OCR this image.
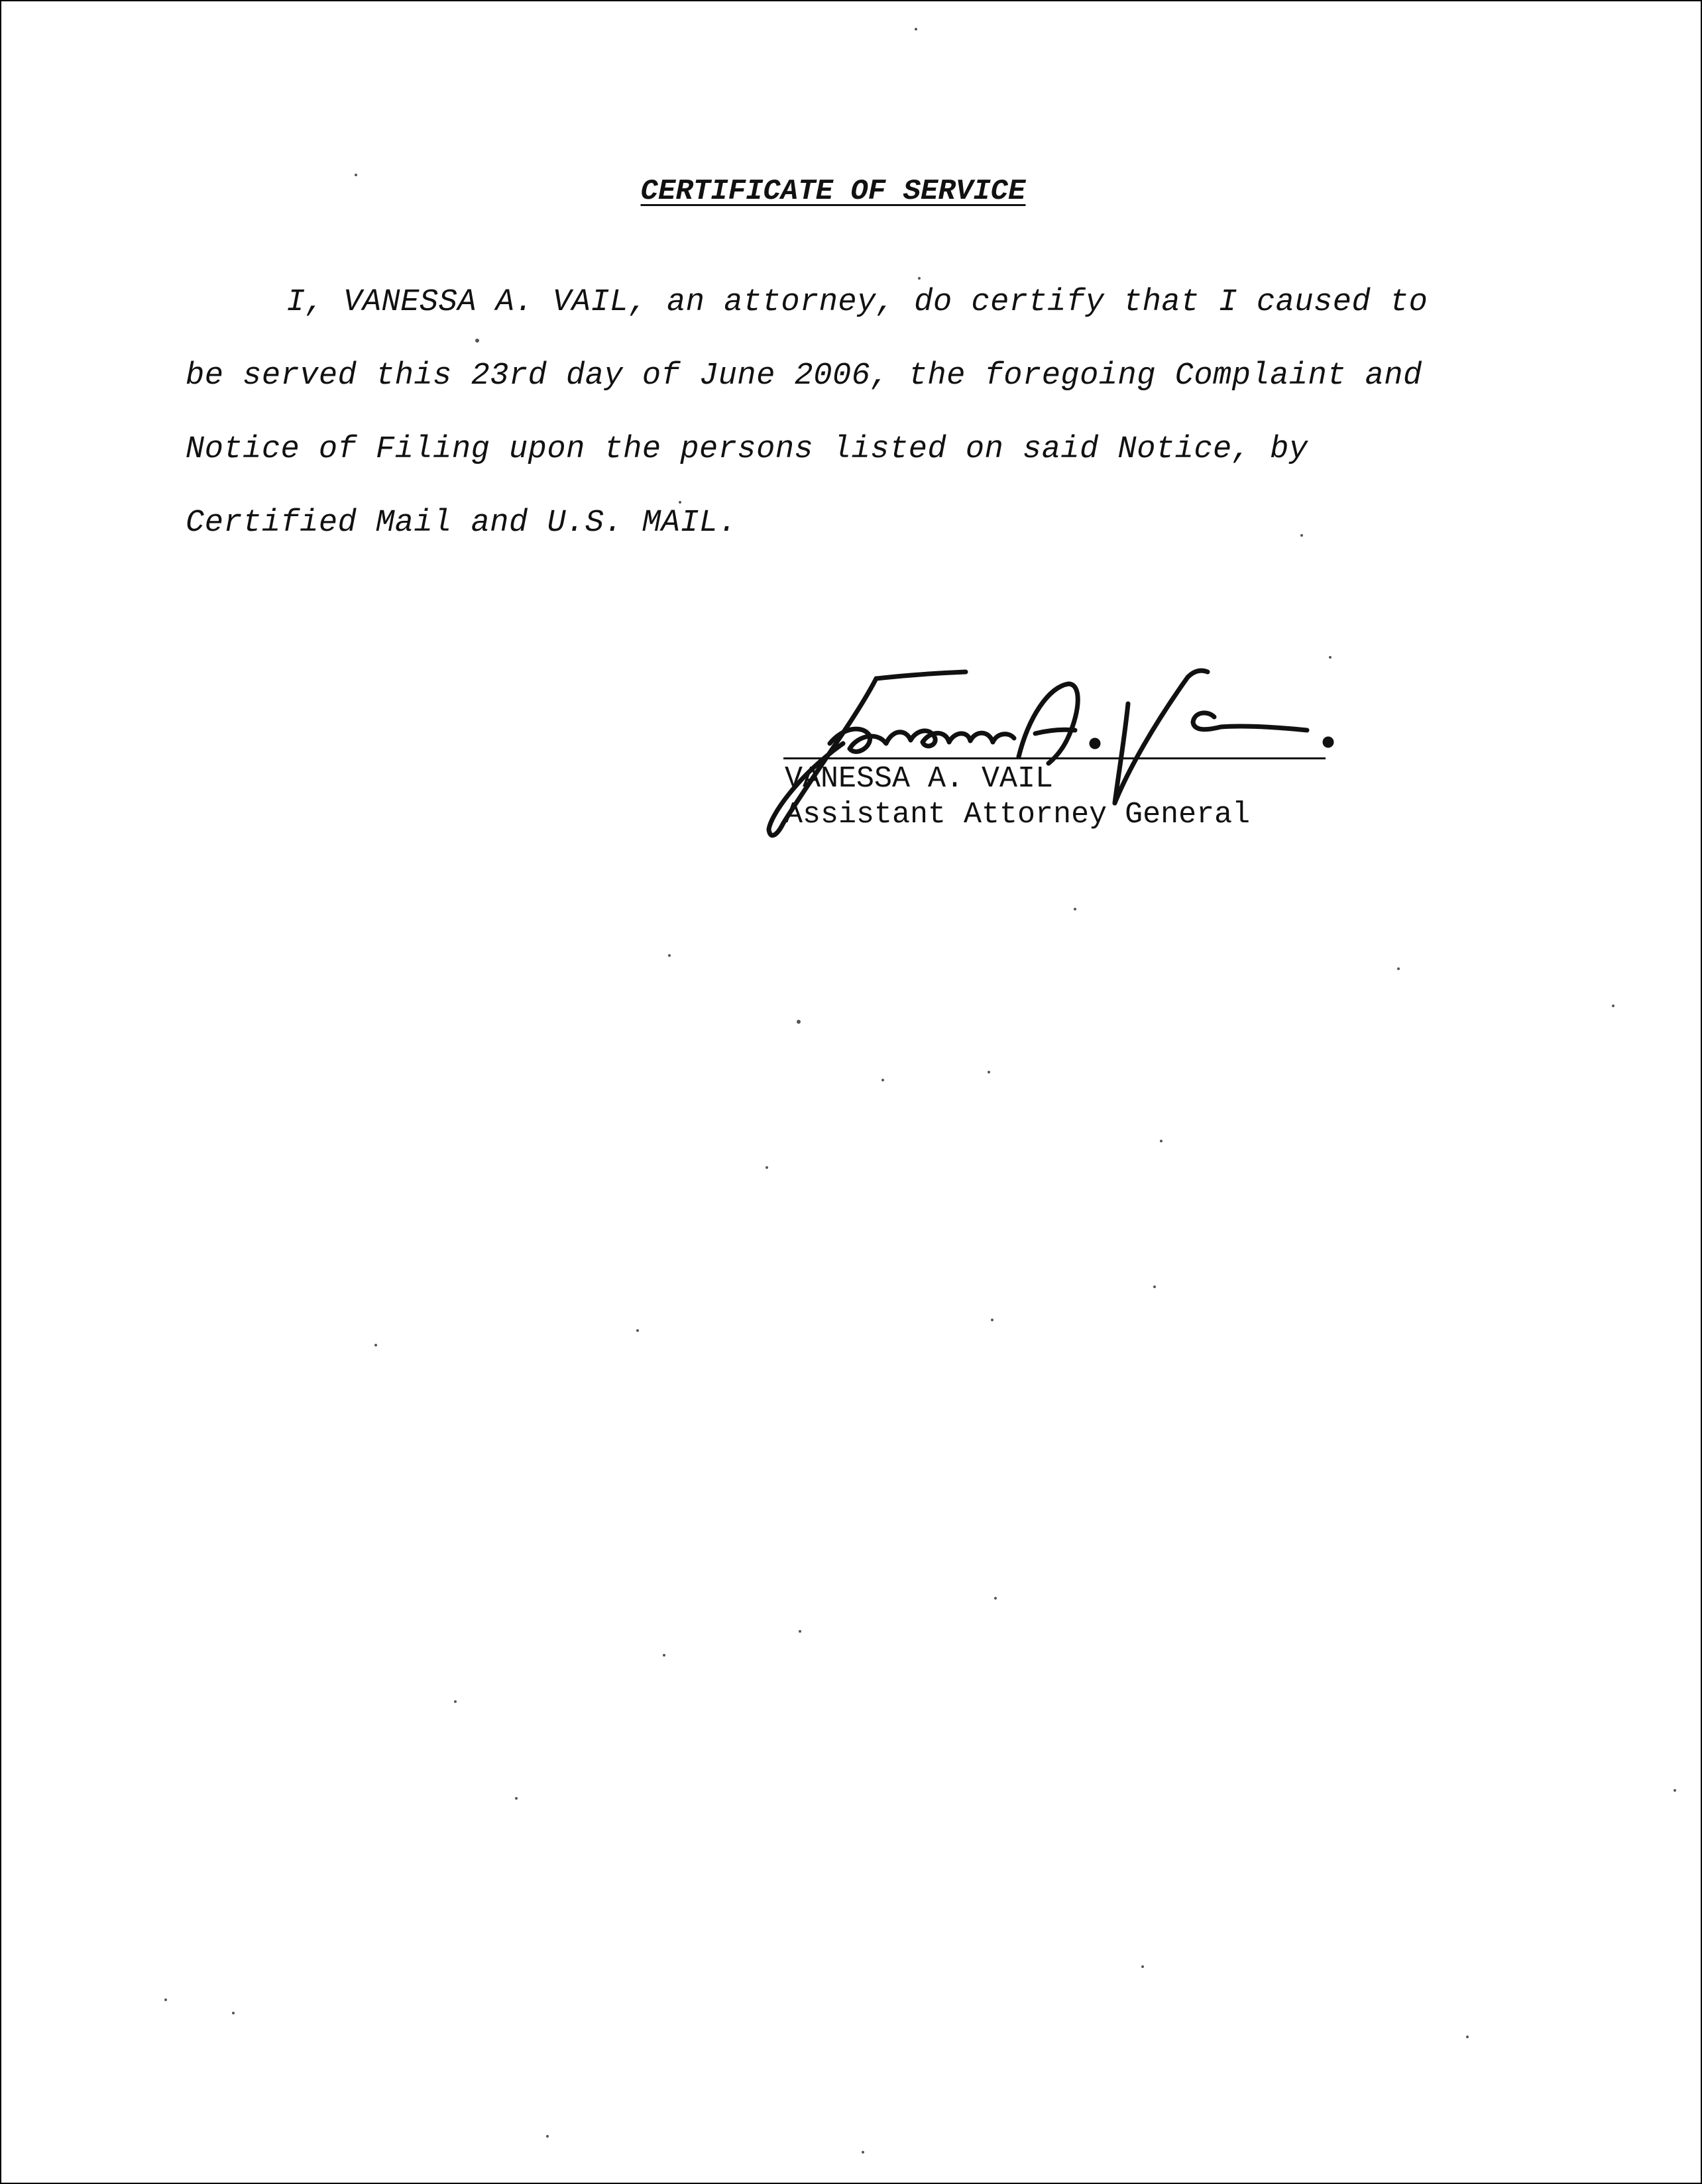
CERTIFICATE OF SERVICE

I, VANESSA A. VAIL, an attorney, do certify that I caused to

be served this 23rd day of June 2006, the foregoing Complaint and

Notice of Filing upon the persons listed on said Notice, by

Certified Mail and U.S. MAIL.

VANESSA A. VAIL
Assistant Attorney General
